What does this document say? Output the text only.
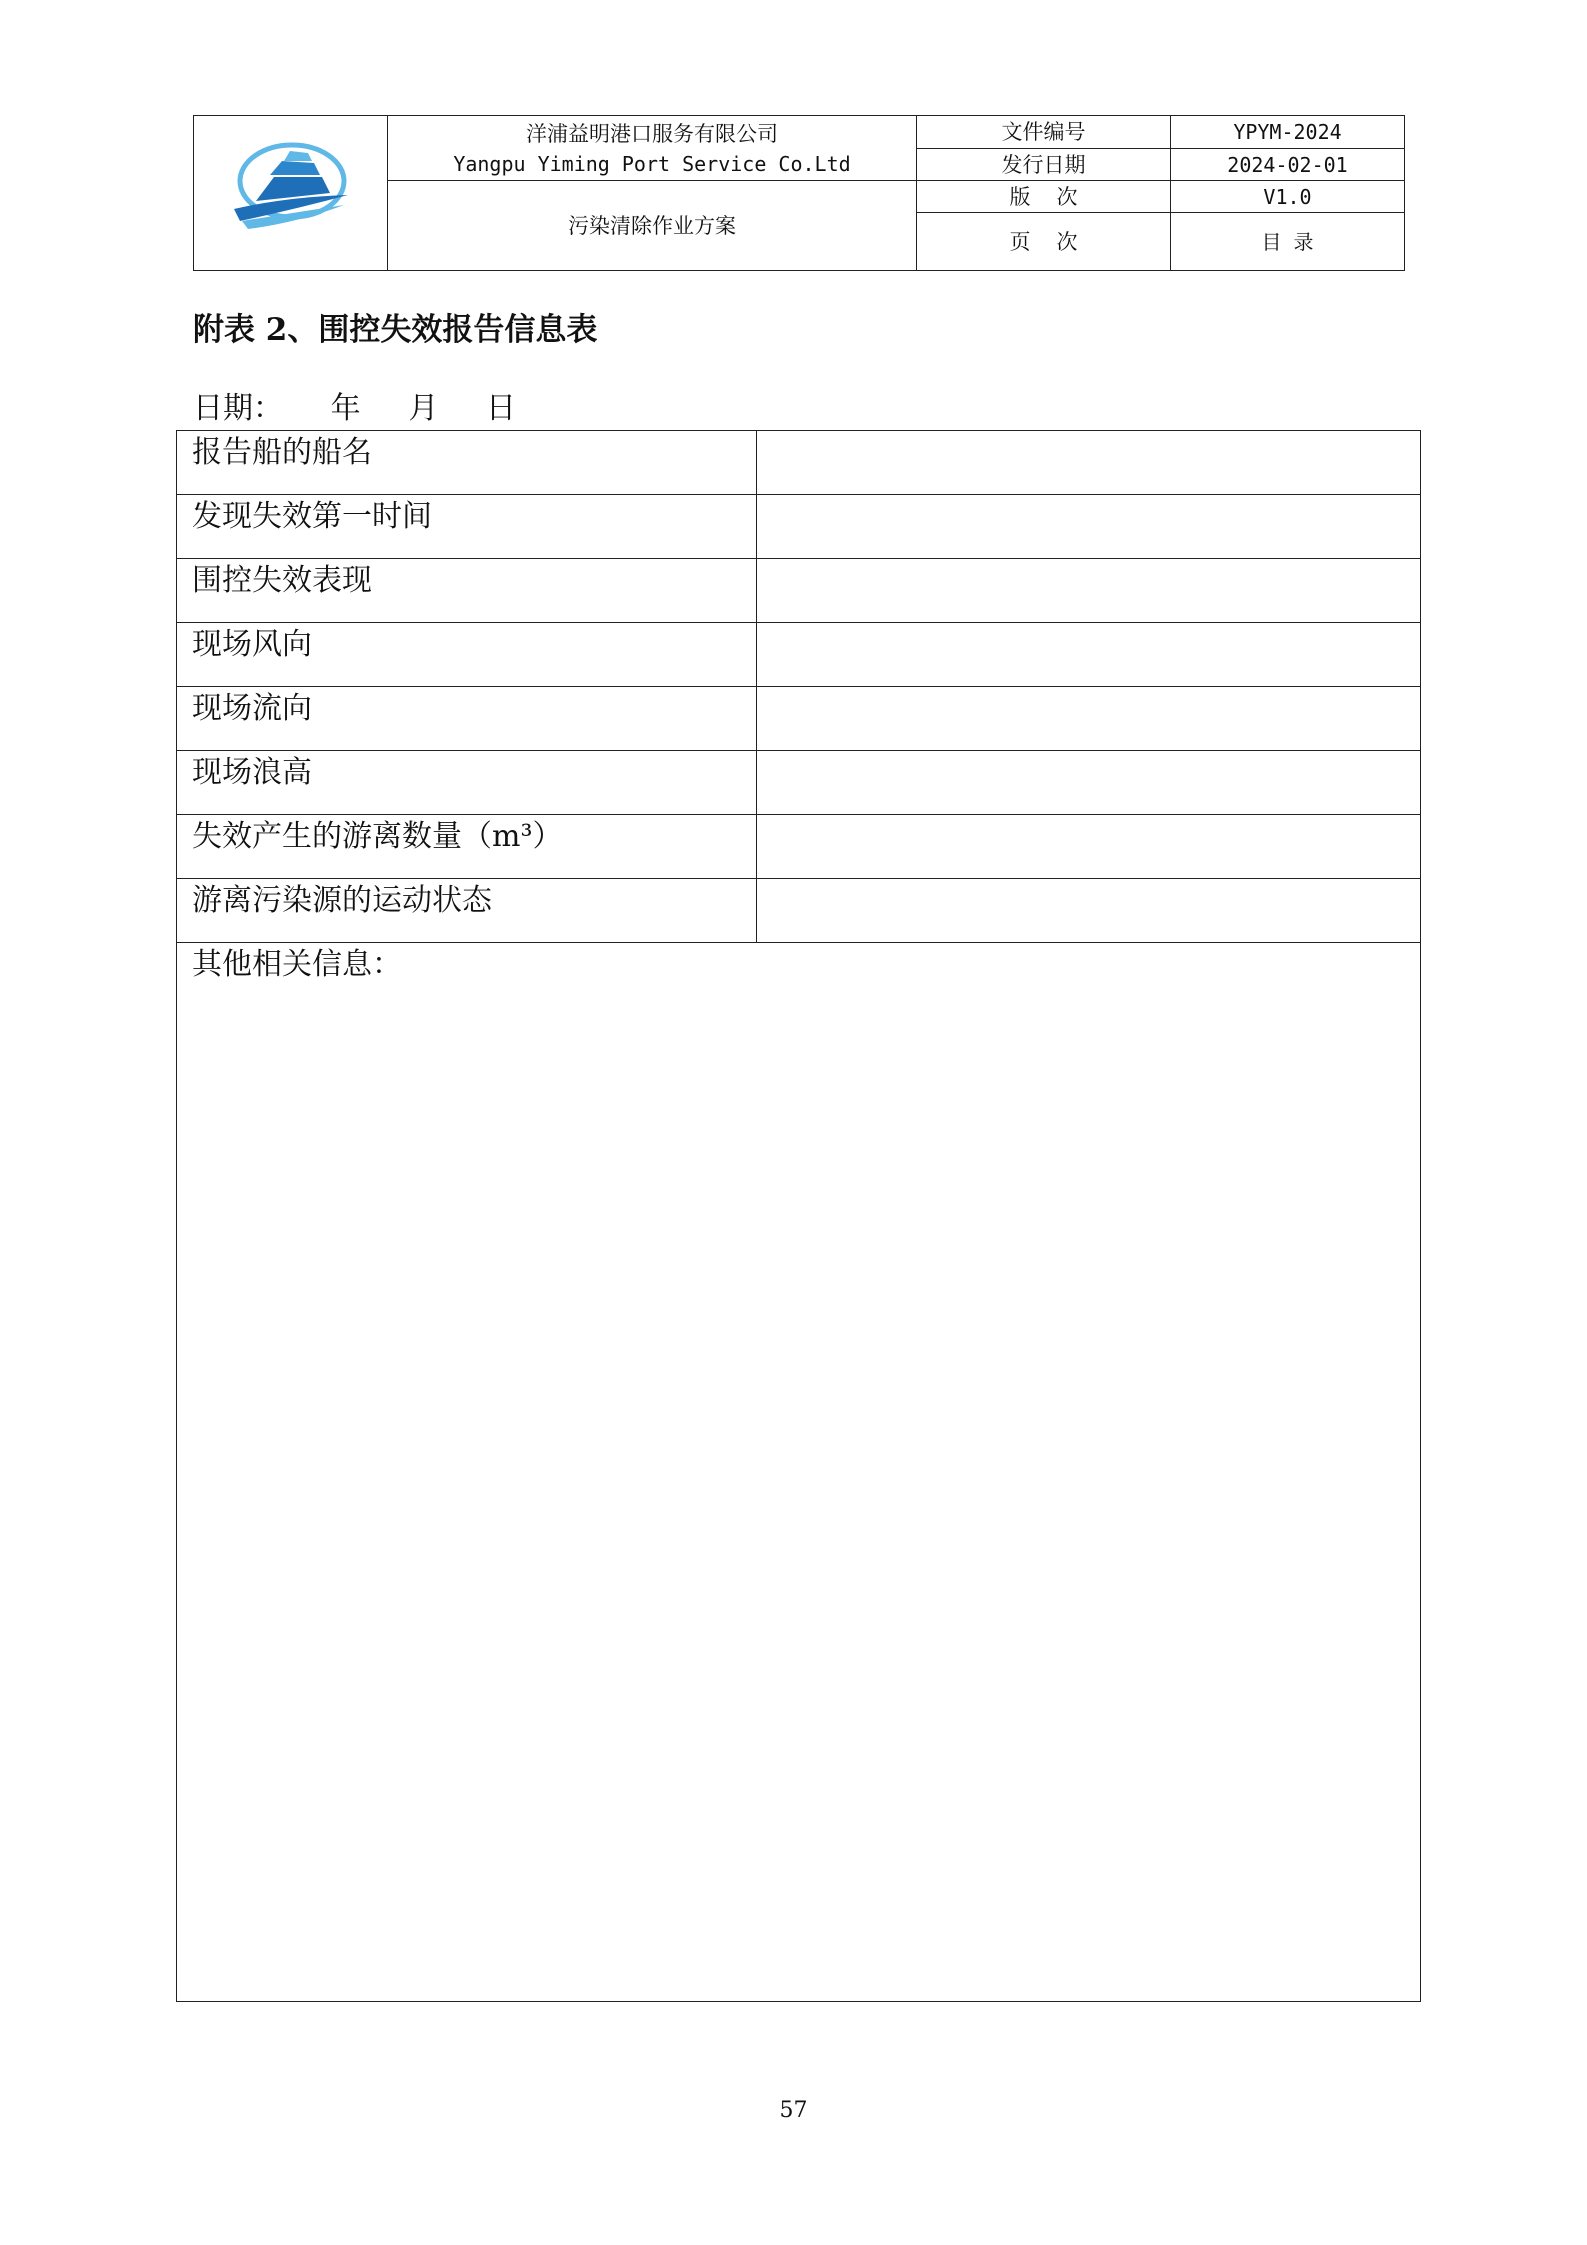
洋浦益明港口服务有限公司
Yangpu Yiming Port Service Co.Ltd	文件编号	YPYM-2024
		发行日期	2024-02-01
	污染清除作业方案	版次	V1.0
		页次	目录
附表 2、围控失效报告信息表
日期：     年     月     日
报告船的船名	
发现失效第一时间	
围控失效表现	
现场风向	
现场流向	
现场浪高	
失效产生的游离数量（m³）	
游离污染源的运动状态	
其他相关信息：	
57
